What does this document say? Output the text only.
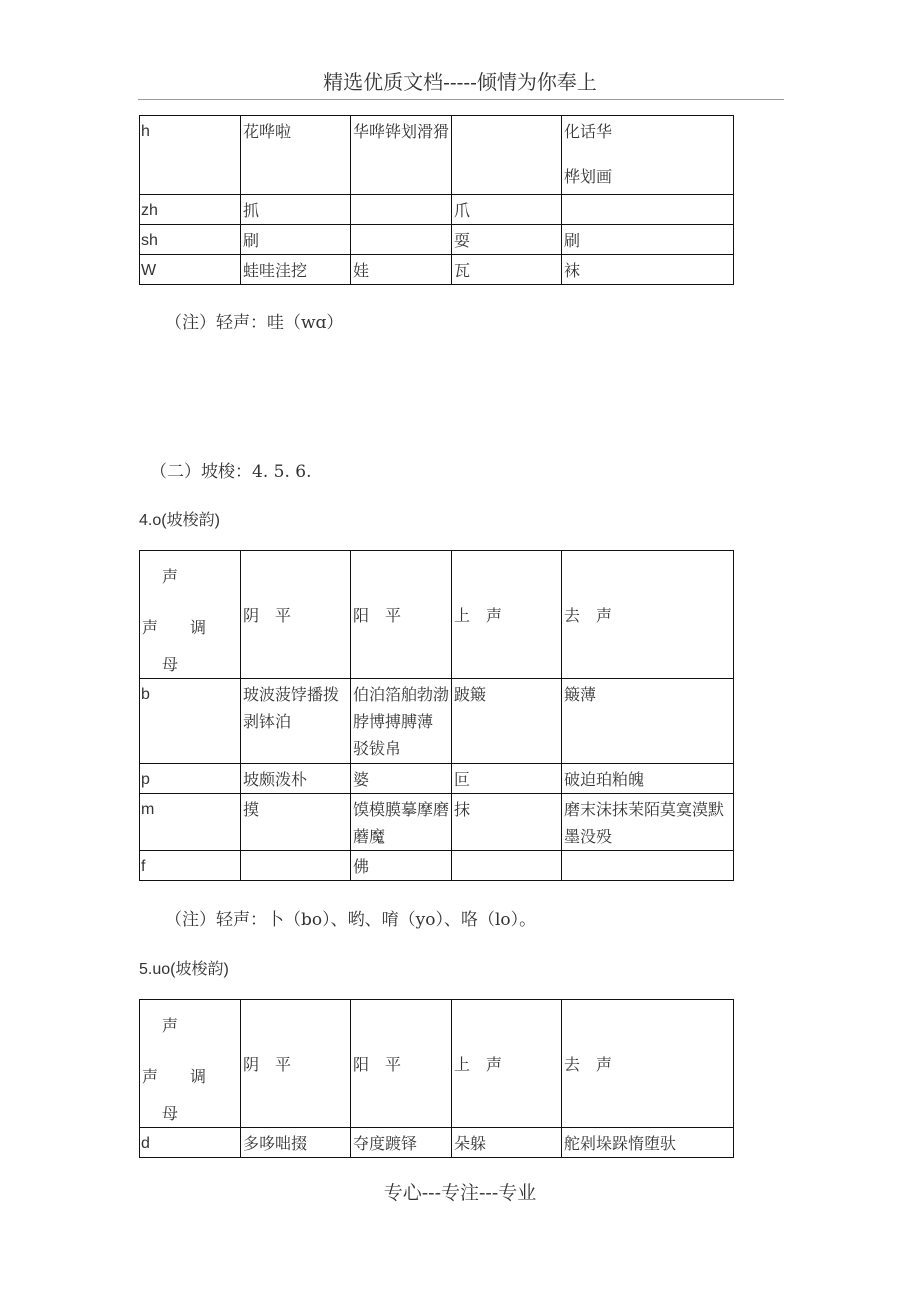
精选优质文档-----倾情为你奉上
h	花哗啦	华哗铧划滑猾		化话华
桦划画

zh	抓		爪	
sh	刷		耍	刷
W	蛙哇洼挖	娃	瓦	袜
（注）轻声：哇（wɑ）
（二）坡梭：4. 5. 6.
4.o(坡梭韵)
声
声 调
母	阴　平	阳　平	上　声	去　声
b	玻波菠饽播拨剥钵泊	伯泊箔舶勃渤脖博搏膊薄 驳钹帛	跛簸	簸薄
p	坡颇泼朴	婆	叵	破迫珀粕魄
m	摸	馍模膜摹摩磨蘑魔	抹	磨末沫抹茉陌莫寞漠默墨没殁
f		佛		
（注）轻声：卜（bo）、哟、唷（yo）、咯（lo）。
5.uo(坡梭韵)
声
声 调
母	阴　平	阳　平	上　声	去　声
d	多哆咄掇	夺度踱铎	朵躲	舵剁垛跺惰堕驮
专心---专注---专业
